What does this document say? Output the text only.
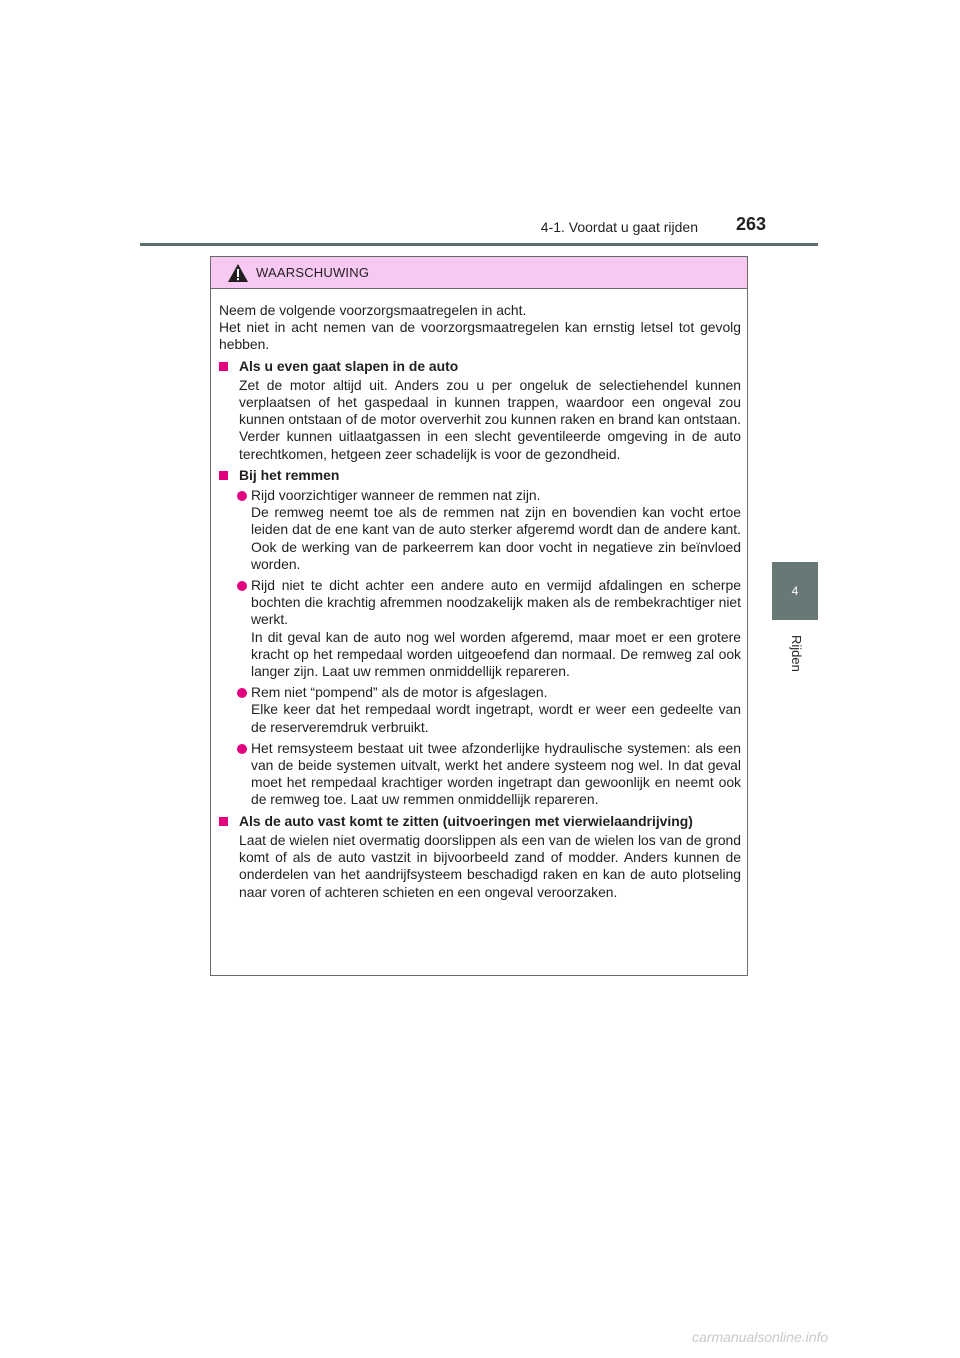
4-1. Voordat u gaat rijden 263
4
Rijden
WAARSCHUWING

Neem de volgende voorzorgsmaatregelen in acht.
Het niet in acht nemen van de voorzorgsmaatregelen kan ernstig letsel tot gevolg hebben.

Als u even gaat slapen in de auto

Zet de motor altijd uit. Anders zou u per ongeluk de selectiehendel kunnen verplaatsen of het gaspedaal in kunnen trappen, waardoor een ongeval zou kunnen ontstaan of de motor oververhit zou kunnen raken en brand kan ontstaan. Verder kunnen uitlaatgassen in een slecht geventileerde omgeving in de auto terechtkomen, hetgeen zeer schadelijk is voor de gezondheid.

Bij het remmen

Rijd voorzichtiger wanneer de remmen nat zijn.

De remweg neemt toe als de remmen nat zijn en bovendien kan vocht ertoe leiden dat de ene kant van de auto sterker afgeremd wordt dan de andere kant. Ook de werking van de parkeerrem kan door vocht in negatieve zin beïnvloed worden.

Rijd niet te dicht achter een andere auto en vermijd afdalingen en scherpe bochten die krachtig afremmen noodzakelijk maken als de rembekrachtiger niet werkt.

In dit geval kan de auto nog wel worden afgeremd, maar moet er een grotere kracht op het rempedaal worden uitgeoefend dan normaal. De remweg zal ook langer zijn. Laat uw remmen onmiddellijk repareren.

Rem niet “pompend” als de motor is afgeslagen.

Elke keer dat het rempedaal wordt ingetrapt, wordt er weer een gedeelte van de reserveremdruk verbruikt.

Het remsysteem bestaat uit twee afzonderlijke hydraulische systemen: als een van de beide systemen uitvalt, werkt het andere systeem nog wel. In dat geval moet het rempedaal krachtiger worden ingetrapt dan gewoonlijk en neemt ook de remweg toe. Laat uw remmen onmiddellijk repareren.

Als de auto vast komt te zitten (uitvoeringen met vierwielaandrijving)

Laat de wielen niet overmatig doorslippen als een van de wielen los van de grond komt of als de auto vastzit in bijvoorbeeld zand of modder. Anders kunnen de onderdelen van het aandrijfsysteem beschadigd raken en kan de auto plotseling naar voren of achteren schieten en een ongeval veroorzaken.

carmanualsonline.info
